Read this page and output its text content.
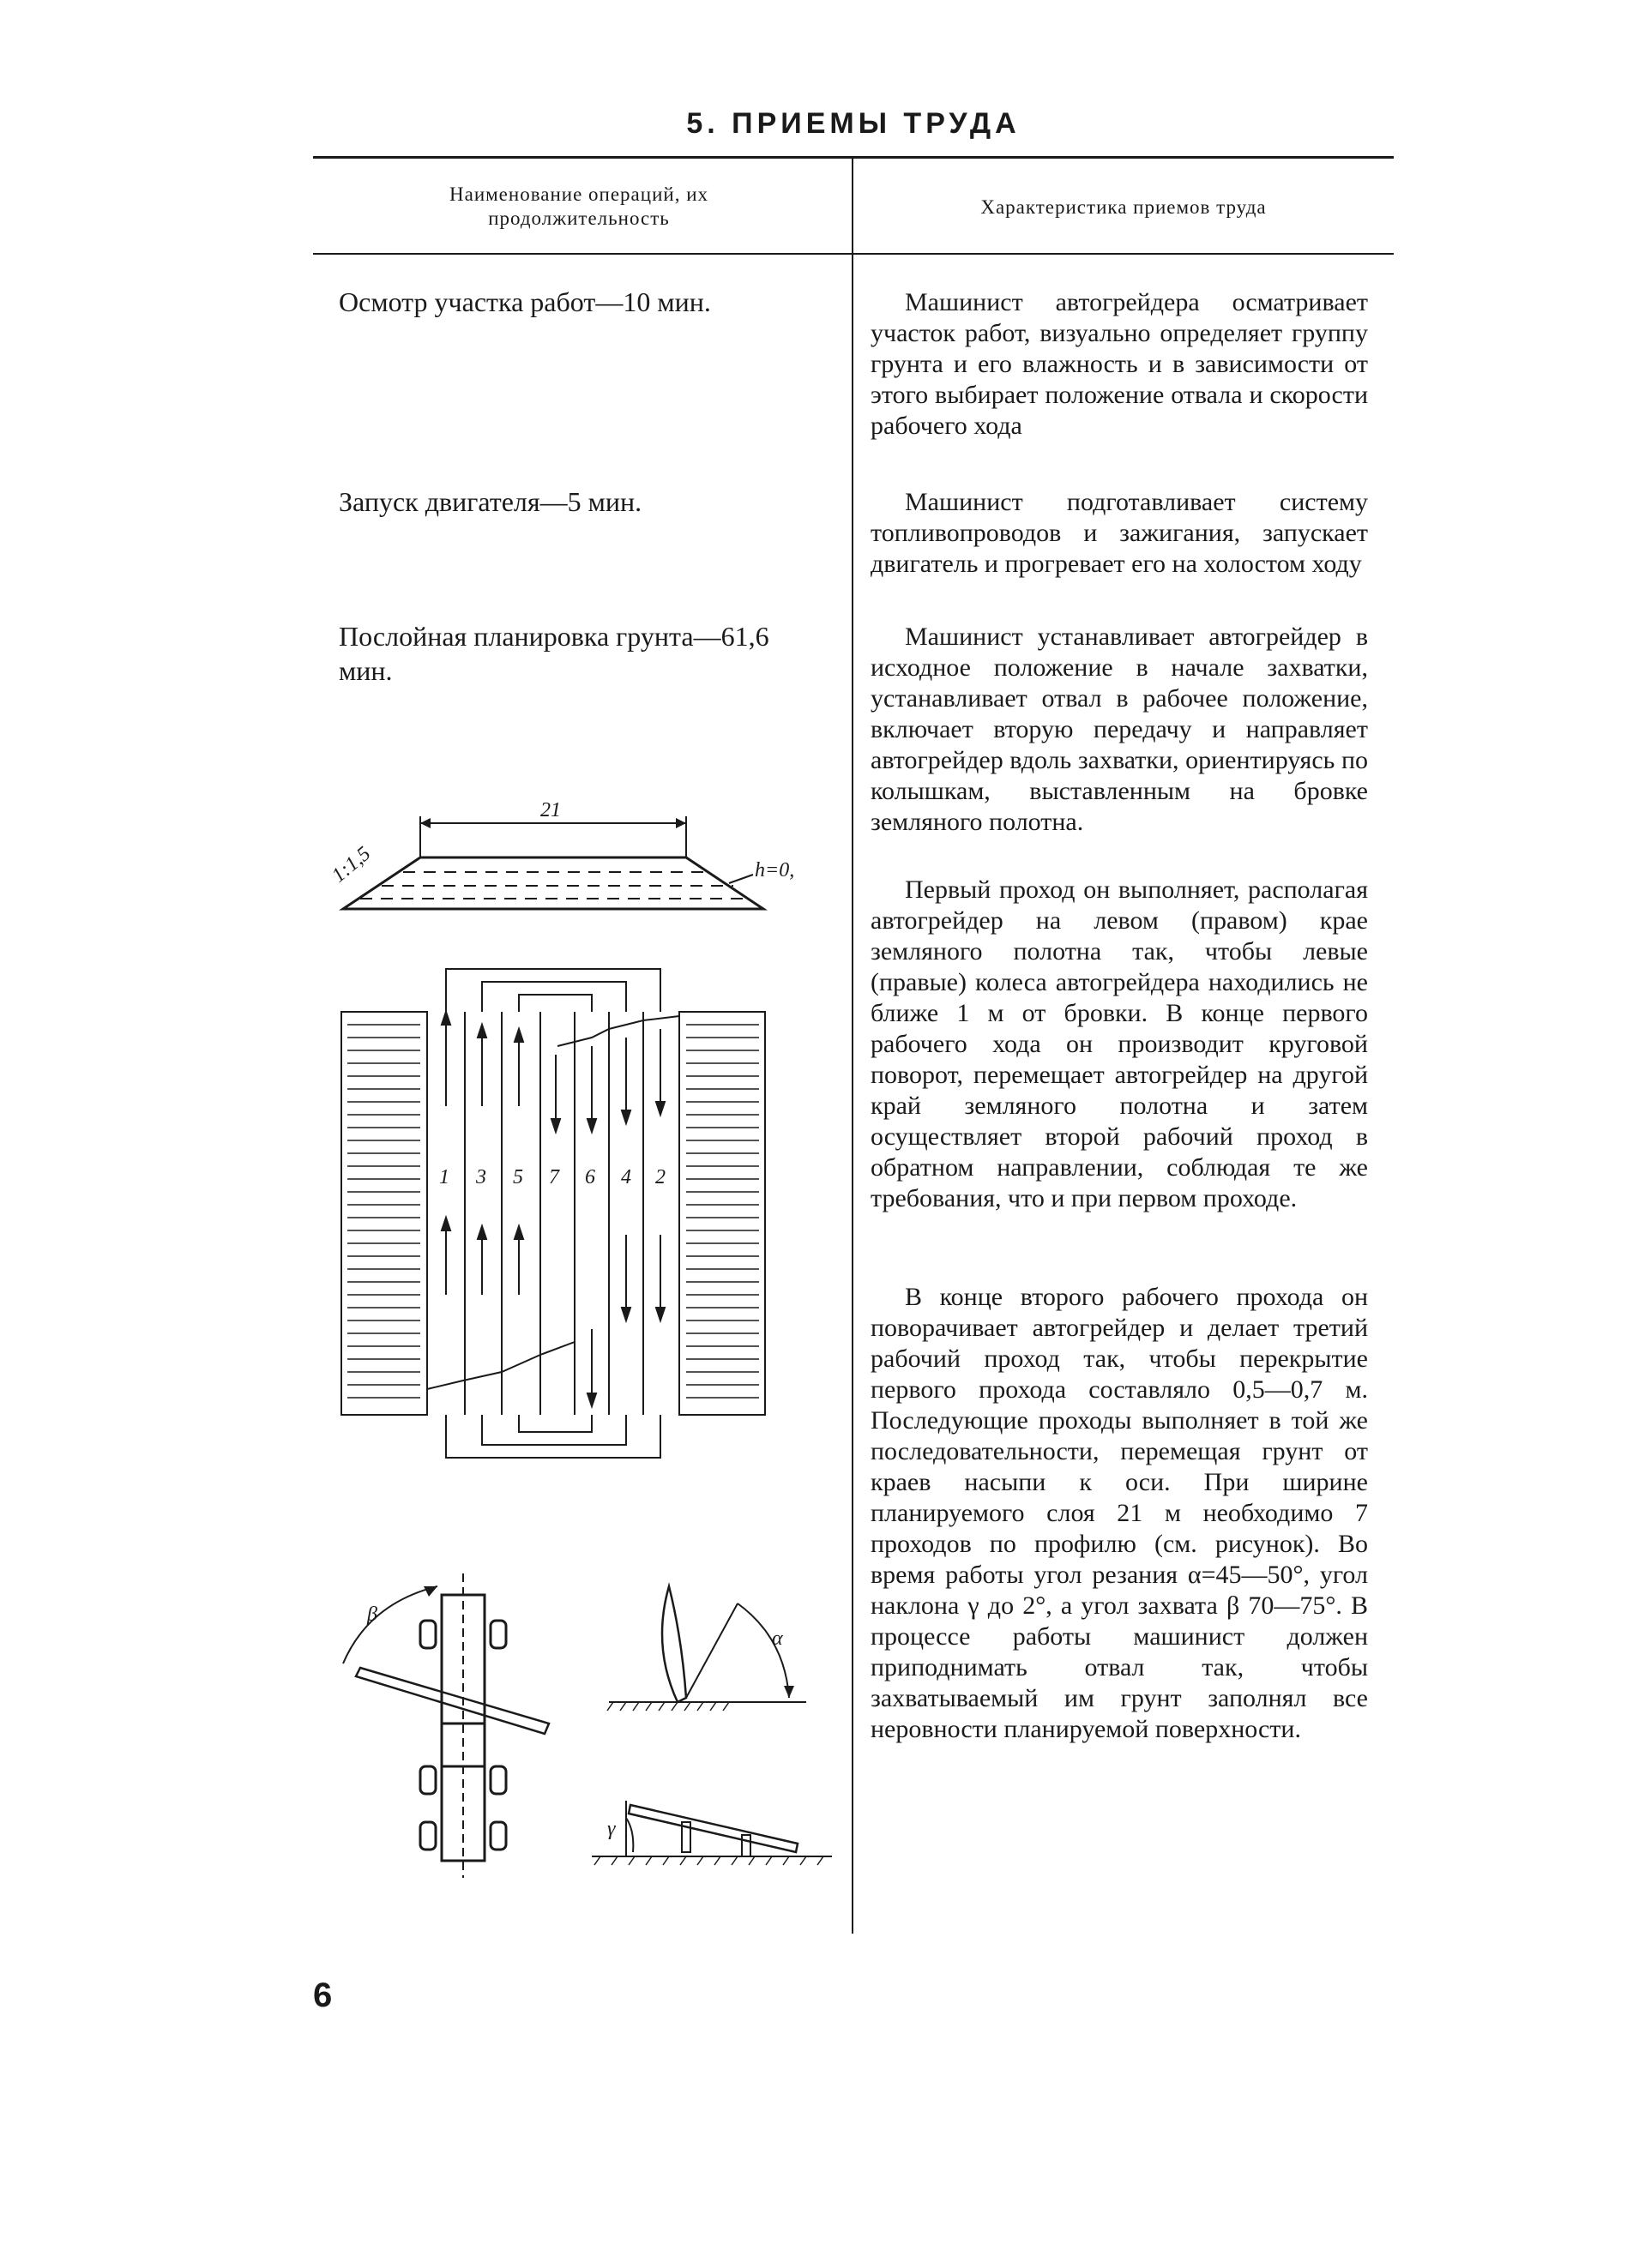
5. ПРИЕМЫ ТРУДА
Наименование операций, их продолжительность
Характеристика приемов труда
Осмотр участка работ—10 мин.
Запуск двигателя—5 мин.
Послойная планировка грунта—61,6 мин.
Машинист автогрейдера осматривает участок работ, визуально определяет группу грунта и его влажность и в зависимости от этого выбирает положение отвала и скорости рабочего хода
Машинист подготавливает систему топливопроводов и зажигания, запускает двигатель и прогревает его на холостом ходу
Машинист устанавливает автогрейдер в исходное положение в начале захватки, устанавливает отвал в рабочее положение, включает вторую передачу и направляет автогрейдер вдоль захватки, ориентируясь по колышкам, выставленным на бровке земляного полотна.
Первый проход он выполняет, располагая автогрейдер на левом (правом) крае земляного полотна так, чтобы левые (правые) колеса автогрейдера находились не ближе 1 м от бровки. В конце первого рабочего хода он производит круговой поворот, перемещает автогрейдер на другой край земляного полотна и затем осуществляет второй рабочий проход в обратном направлении, соблюдая те же требования, что и при первом проходе.
В конце второго рабочего прохода он поворачивает автогрейдер и делает третий рабочий проход так, чтобы перекрытие первого прохода составляло 0,5—0,7 м. Последующие проходы выполняет в той же последовательности, перемещая грунт от краев насыпи к оси. При ширине планируемого слоя 21 м необходимо 7 проходов по профилю (см. рисунок). Во время работы угол резания α=45—50°, угол наклона γ до 2°, а угол захвата β 70—75°. В процессе работы машинист должен приподнимать отвал так, чтобы захватываемый им грунт заполнял все неровности планируемой поверхности.
21
1:1,5	h=0,
1 3 5 7 6 4 2
β
α
γ
6
